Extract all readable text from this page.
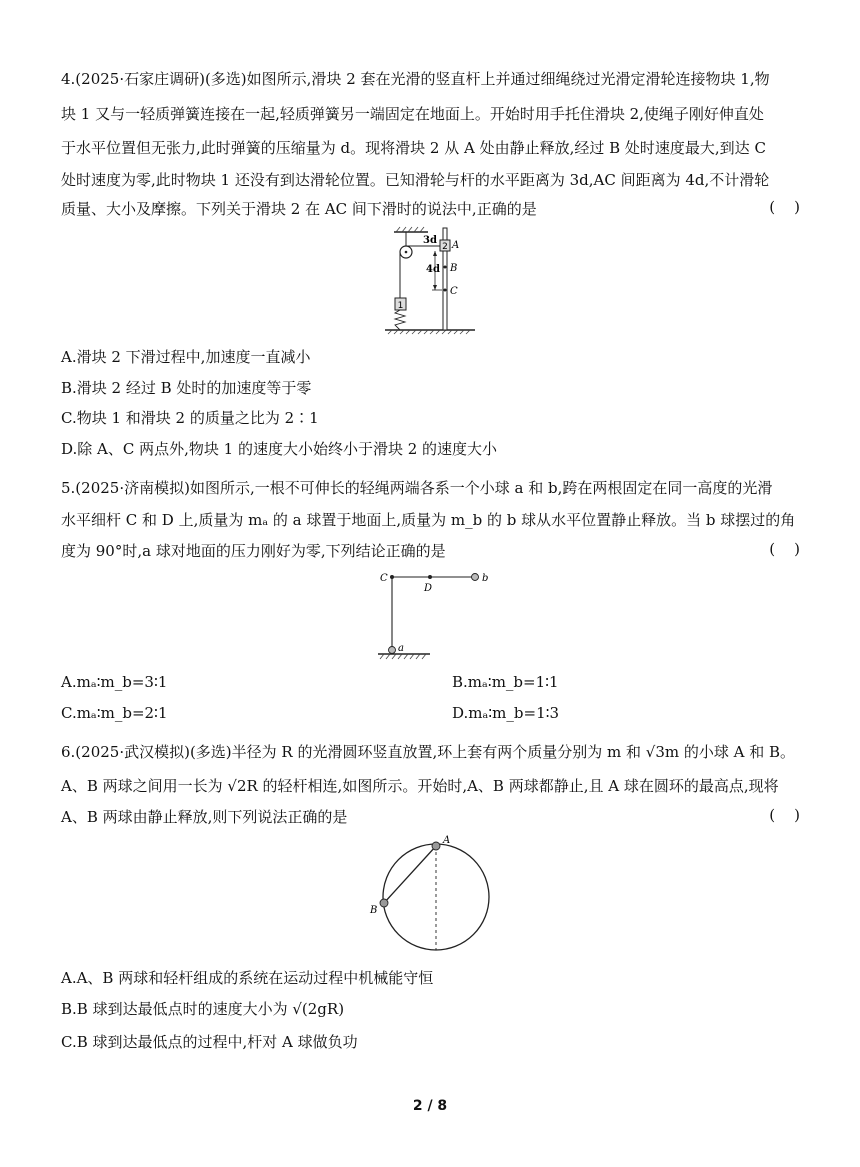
4.(2025·石家庄调研)(多选)如图所示,滑块 2 套在光滑的竖直杆上并通过细绳绕过光滑定滑轮连接物块 1,物
块 1 又与一轻质弹簧连接在一起,轻质弹簧另一端固定在地面上。开始时用手托住滑块 2,使绳子刚好伸直处
于水平位置但无张力,此时弹簧的压缩量为 d。现将滑块 2 从 A 处由静止释放,经过 B 处时速度最大,到达 C
处时速度为零,此时物块 1 还没有到达滑轮位置。已知滑轮与杆的水平距离为 3d,AC 间距离为 4d,不计滑轮
质量、大小及摩擦。下列关于滑块 2 在 AC 间下滑时的说法中,正确的是	(    )
1
2
3d
4d
A
B
C
A.滑块 2 下滑过程中,加速度一直减小
B.滑块 2 经过 B 处时的加速度等于零
C.物块 1 和滑块 2 的质量之比为 2∶1
D.除 A、C 两点外,物块 1 的速度大小始终小于滑块 2 的速度大小
5.(2025·济南模拟)如图所示,一根不可伸长的轻绳两端各系一个小球 a 和 b,跨在两根固定在同一高度的光滑
水平细杆 C 和 D 上,质量为 mₐ 的 a 球置于地面上,质量为 m_b 的 b 球从水平位置静止释放。当 b 球摆过的角
度为 90°时,a 球对地面的压力刚好为零,下列结论正确的是	(    )
C
D
b
a
A.mₐ∶m_b=3∶1	B.mₐ∶m_b=1∶1
C.mₐ∶m_b=2∶1	D.mₐ∶m_b=1∶3
6.(2025·武汉模拟)(多选)半径为 R 的光滑圆环竖直放置,环上套有两个质量分别为 m 和 √3m 的小球 A 和 B。
A、B 两球之间用一长为 √2R 的轻杆相连,如图所示。开始时,A、B 两球都静止,且 A 球在圆环的最高点,现将
A、B 两球由静止释放,则下列说法正确的是	(    )
A
B
A.A、B 两球和轻杆组成的系统在运动过程中机械能守恒
B.B 球到达最低点时的速度大小为 √(2gR)
C.B 球到达最低点的过程中,杆对 A 球做负功
2 / 8
